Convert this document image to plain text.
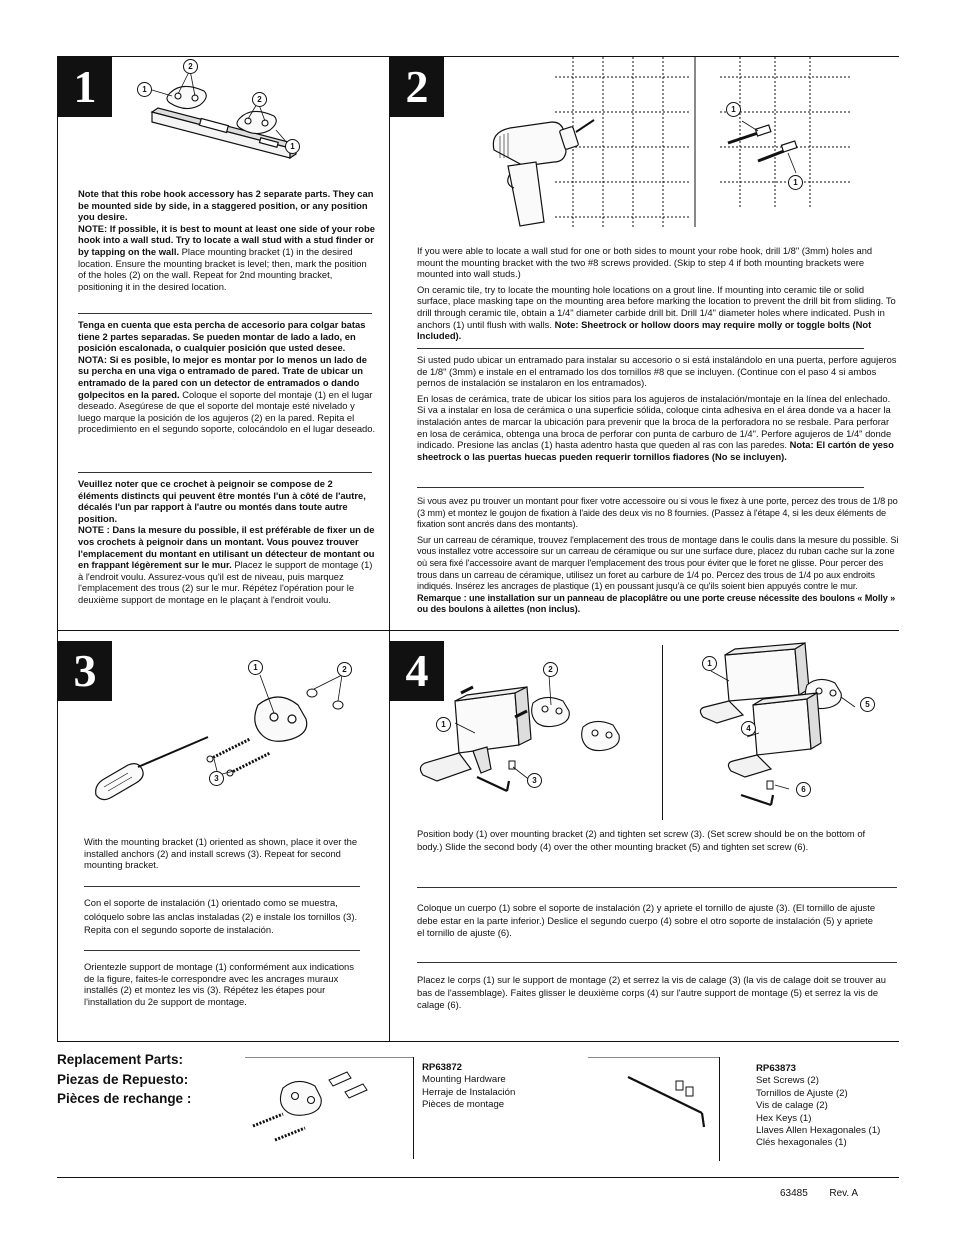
1	2
3	4
1
2
2
1
Note that this robe hook accessory has 2 separate parts. They can be mounted side by side, in a staggered position, or any position you desire.
NOTE: If possible, it is best to mount at least one side of your robe hook into a wall stud. Try to locate a wall stud with a stud finder or by tapping on the wall. Place mounting bracket (1) in the desired location. Ensure the mounting bracket is level; then, mark the position of the holes (2) on the wall. Repeat for 2nd mounting bracket, positioning it in the desired location.
Tenga en cuenta que esta percha de accesorio para colgar batas tiene 2 partes separadas. Se pueden montar de lado a lado, en posición escalonada, o cualquier posición que usted desee.
NOTA: Si es posible, lo mejor es montar por lo menos un lado de su percha en una viga o entramado de pared. Trate de ubicar un entramado de la pared con un detector de entramados o dando golpecitos en la pared. Coloque el soporte del montaje (1) en el lugar deseado. Asegúrese de que el soporte del montaje esté nivelado y luego marque la posición de los agujeros (2) en la pared. Repita el procedimiento en el segundo soporte, colocándolo en el lugar deseado.
Veuillez noter que ce crochet à peignoir se compose de 2 éléments distincts qui peuvent être montés l'un à côté de l'autre, décalés l'un par rapport à l'autre ou montés dans toute autre position.
NOTE : Dans la mesure du possible, il est préférable de fixer un de vos crochets à peignoir dans un montant. Vous pouvez trouver l'emplacement du montant en utilisant un détecteur de montant ou en frappant légèrement sur le mur. Placez le support de montage (1) à l'endroit voulu. Assurez-vous qu'il est de niveau, puis marquez l'emplacement des trous (2) sur le mur. Répétez l'opération pour le deuxième support de montage en le plaçant à l'endroit voulu.
1
1
If you were able to locate a wall stud for one or both sides to mount your robe hook, drill 1/8" (3mm) holes and mount the mounting bracket with the two #8 screws provided. (Skip to step 4 if both mounting brackets were mounted into wall studs.)
On ceramic tile, try to locate the mounting hole locations on a grout line. If mounting into ceramic tile or solid surface, place masking tape on the mounting area before marking the location to prevent the drill bit from sliding. To drill through ceramic tile, obtain a 1/4" diameter carbide drill bit. Drill 1/4" diameter holes where indicated. Push in anchors (1) until flush with walls. Note: Sheetrock or hollow doors may require molly or toggle bolts (Not Included).
Si usted pudo ubicar un entramado para instalar su accesorio o si está instalándolo en una puerta, perfore agujeros de 1/8" (3mm) e instale en el entramado los dos tornillos #8 que se incluyen. (Continue con el paso 4 si ambos pernos de instalación se instalaron en los entramados).
En losas de cerámica, trate de ubicar los sitios para los agujeros de instalación/montaje en la línea del enlechado. Si va a instalar en losa de cerámica o una superficie sólida, coloque cinta adhesiva en el área donde va a hacer la instalación antes de marcar la ubicación para prevenir que la broca de la perforadora no se resbale. Para perforar en losa de cerámica, obtenga una broca de perforar con punta de carburo de 1/4". Perfore agujeros de 1/4" donde indicado. Presione las anclas (1) hasta adentro hasta que queden al ras con las paredes. Nota: El cartón de yeso sheetrock o las puertas huecas pueden requerir tornillos fiadores (No se incluyen).
Si vous avez pu trouver un montant pour fixer votre accessoire ou si vous le fixez à une porte, percez des trous de 1/8 po (3 mm) et montez le goujon de fixation à l'aide des deux vis no 8 fournies. (Passez à l'étape 4, si les deux éléments de fixation sont ancrés dans des montants).
Sur un carreau de céramique, trouvez l'emplacement des trous de montage dans le coulis dans la mesure du possible. Si vous installez votre accessoire sur un carreau de céramique ou sur une surface dure, placez du ruban cache sur la zone où sera fixé l'accessoire avant de marquer l'emplacement des trous pour éviter que le foret ne glisse. Pour percer des trous dans un carreau de céramique, utilisez un foret au carbure de 1/4 po. Percez des trous de 1/4 po aux endroits indiqués. Insérez les ancrages de plastique (1) en poussant jusqu'à ce qu'ils soient bien appuyés contre le mur. Remarque : une installation sur un panneau de placoplâtre ou une porte creuse nécessite des boulons « Molly » ou des boulons à ailettes (non inclus).
1	2
3
With the mounting bracket (1) oriented as shown, place it over the installed anchors (2) and install screws (3). Repeat for second mounting bracket.
Con el soporte de instalación (1) orientado como se muestra, colóquelo sobre las anclas instaladas (2) e instale los tornillos (3). Repita con el segundo soporte de instalación.
Orientezle support de montage (1) conformément aux indications de la figure, faites-le correspondre avec les ancrages muraux installés (2) et montez les vis (3). Répétez les étapes pour l'installation du 2e support de montage.
2
1
3
1
4
5
6
Position body (1) over mounting bracket (2) and tighten set screw (3). (Set screw should be on the bottom of body.) Slide the second body (4) over the other mounting bracket (5) and tighten set screw (6).
Coloque un cuerpo (1) sobre el soporte de instalación (2) y apriete el tornillo de ajuste (3). (El tornillo de ajuste debe estar en la parte inferior.) Deslice el segundo cuerpo (4) sobre el otro soporte de instalación (5) y apriete el tornillo de ajuste (6).
Placez le corps (1) sur le support de montage (2) et serrez la vis de calage (3) (la vis de calage doit se trouver au bas de l'assemblage). Faites glisser le deuxième corps (4) sur l'autre support de montage (5) et serrez la vis de calage (6).
Replacement Parts:
Piezas de Repuesto:
Pièces de rechange :
RP63872
Mounting Hardware
Herraje de Instalación
Pièces de montage
RP63873
Set Screws (2)
Tornillos de Ajuste (2)
Vis de calage (2)
Hex Keys (1)
Llaves Allen Hexagonales (1)
Clés hexagonales (1)
63485 Rev. A
